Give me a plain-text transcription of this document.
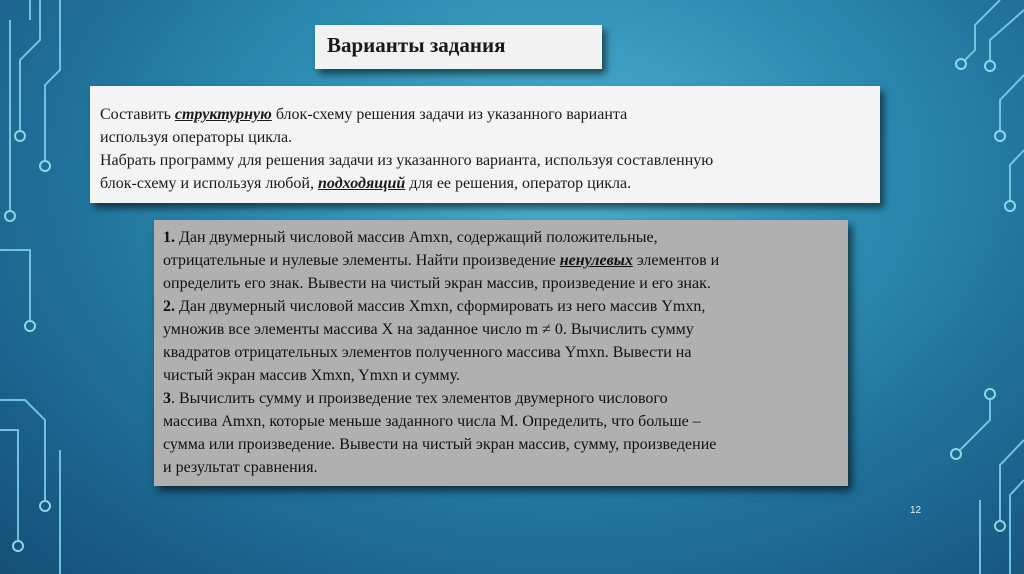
Варианты задания
Составить структурную блок-схему решения задачи из указанного варианта
используя операторы цикла.
Набрать программу для решения задачи из указанного варианта, используя составленную
блок-схему и используя любой, подходящий для ее решения, оператор цикла.
1. Дан двумерный числовой массив Amxn, содержащий положительные,
отрицательные и нулевые элементы. Найти произведение ненулевых элементов и
определить его знак. Вывести на чистый экран массив, произведение и его знак.
2. Дан двумерный числовой массив Xmxn, сформировать из него массив Ymxn,
умножив все элементы массива X на заданное число m ≠ 0. Вычислить сумму
квадратов отрицательных элементов полученного массива Ymxn. Вывести на
чистый экран массив Xmxn, Ymxn и сумму.
3. Вычислить сумму и произведение тех элементов двумерного числового
массива Amxn, которые меньше заданного числа M. Определить, что больше –
сумма или произведение. Вывести на чистый экран массив, сумму, произведение
и результат сравнения.
12
